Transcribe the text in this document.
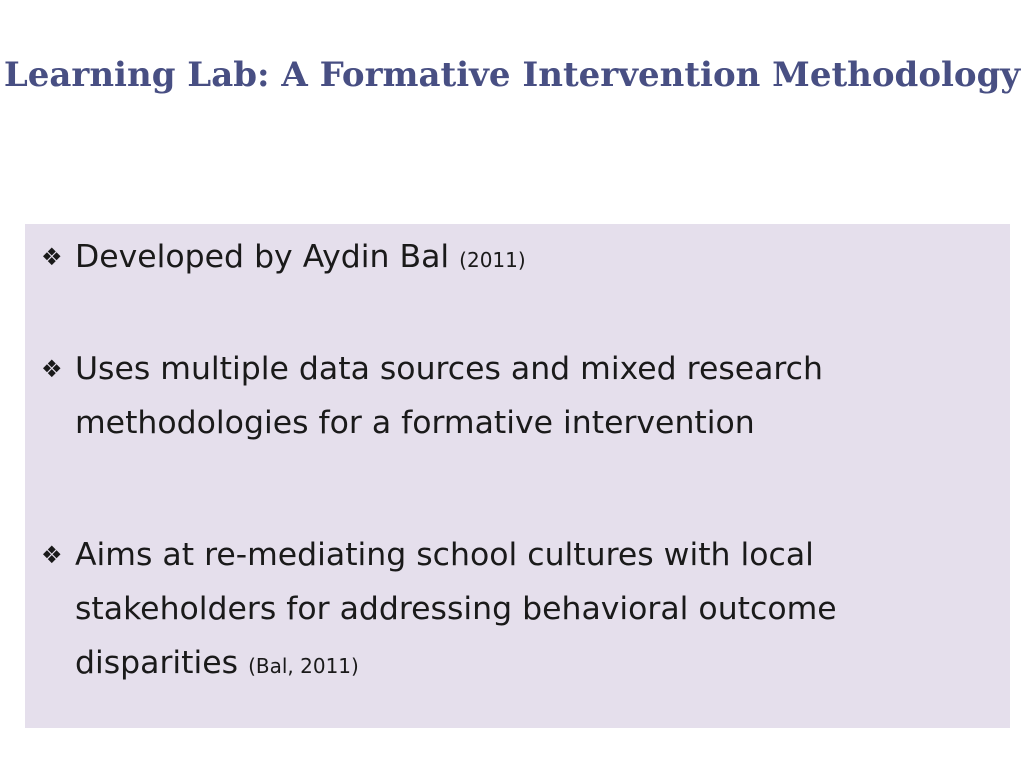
Learning Lab: A Formative Intervention Methodology
❖ Developed by Aydin Bal (2011)
❖ Uses multiple data sources and mixed research methodologies for a formative intervention
❖ Aims at re-mediating school cultures with local stakeholders for addressing behavioral outcome disparities (Bal, 2011)
